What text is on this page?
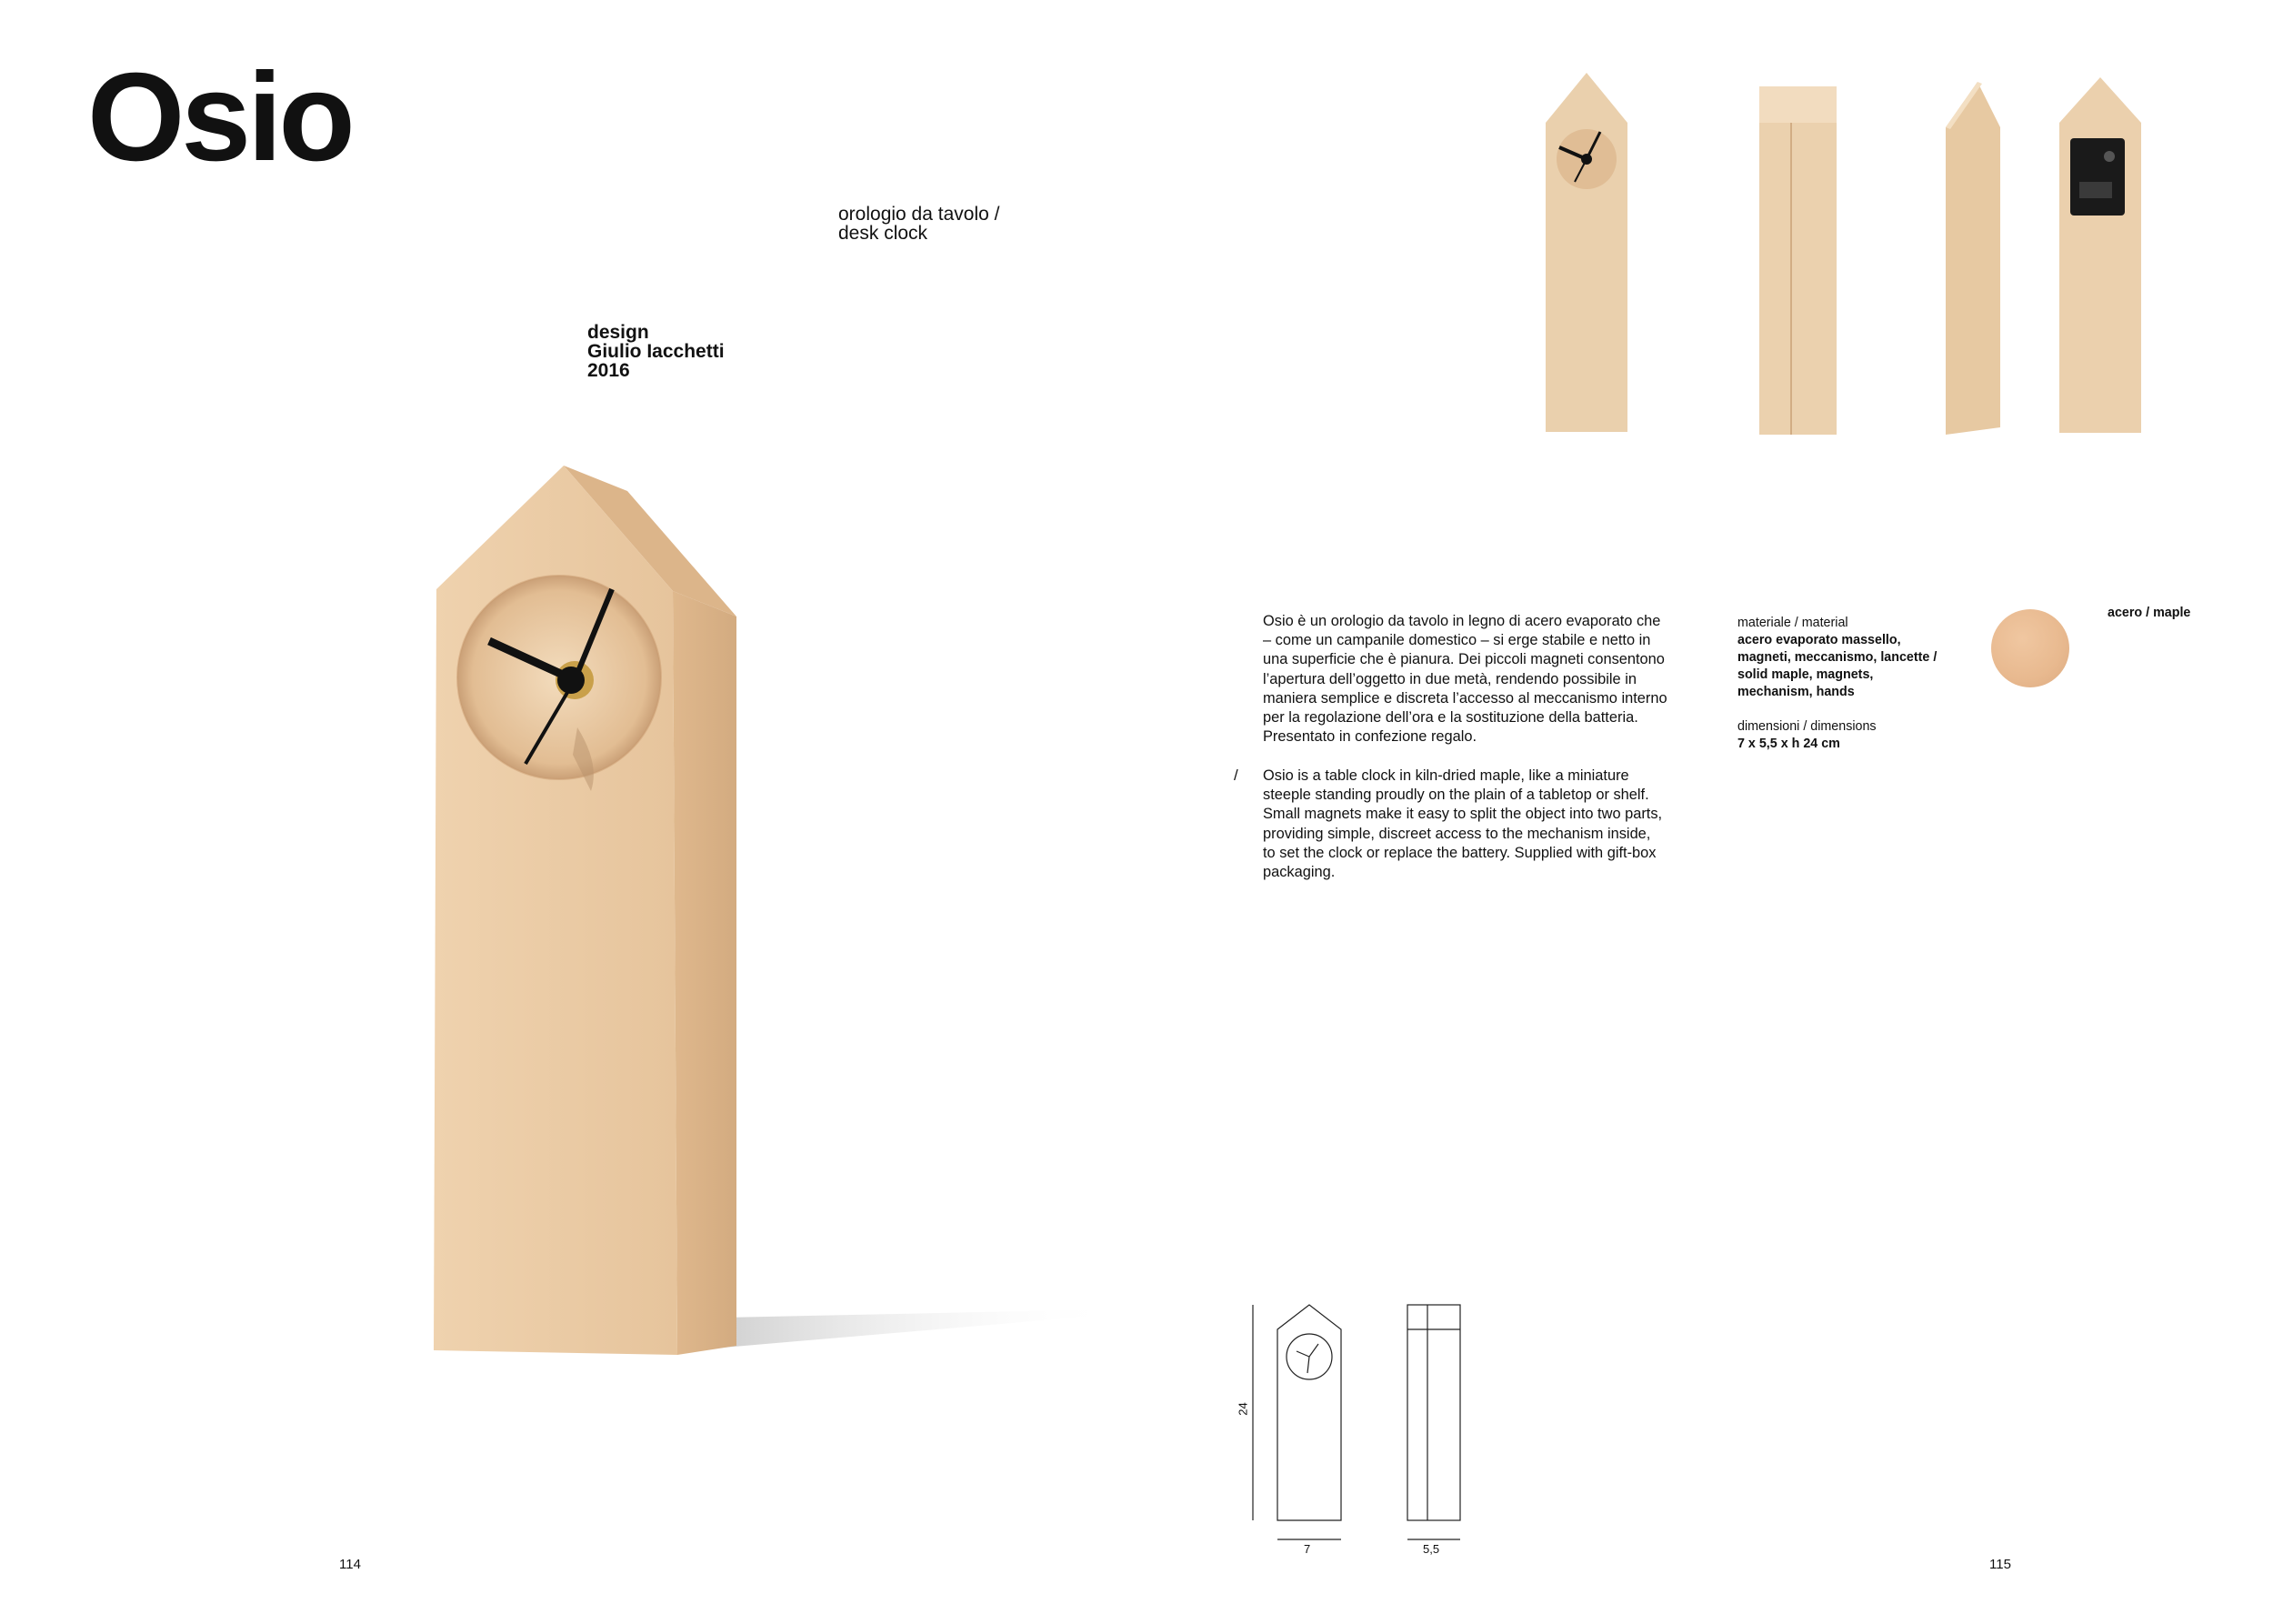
Osio
orologio da tavolo /
desk clock
design
Giulio Iacchetti
2016
Osio è un orologio da tavolo in legno di acero evaporato che
– come un campanile domestico – si erge stabile e netto in
una superficie che è pianura. Dei piccoli magneti consentono
l’apertura dell’oggetto in due metà, rendendo possibile in
maniera semplice e discreta l’accesso al meccanismo interno
per la regolazione dell’ora e la sostituzione della batteria.
Presentato in confezione regalo.
/ Osio is a table clock in kiln-dried maple, like a miniature
steeple standing proudly on the plain of a tabletop or shelf.
Small magnets make it easy to split the object into two parts,
providing simple, discreet access to the mechanism inside,
to set the clock or replace the battery. Supplied with gift-box
packaging.
materiale / material
acero evaporato massello,
magneti, meccanismo, lancette /
solid maple, magnets,
mechanism, hands
dimensioni / dimensions
7 x 5,5 x h 24 cm
acero / maple
24
7	5,5
114	115
